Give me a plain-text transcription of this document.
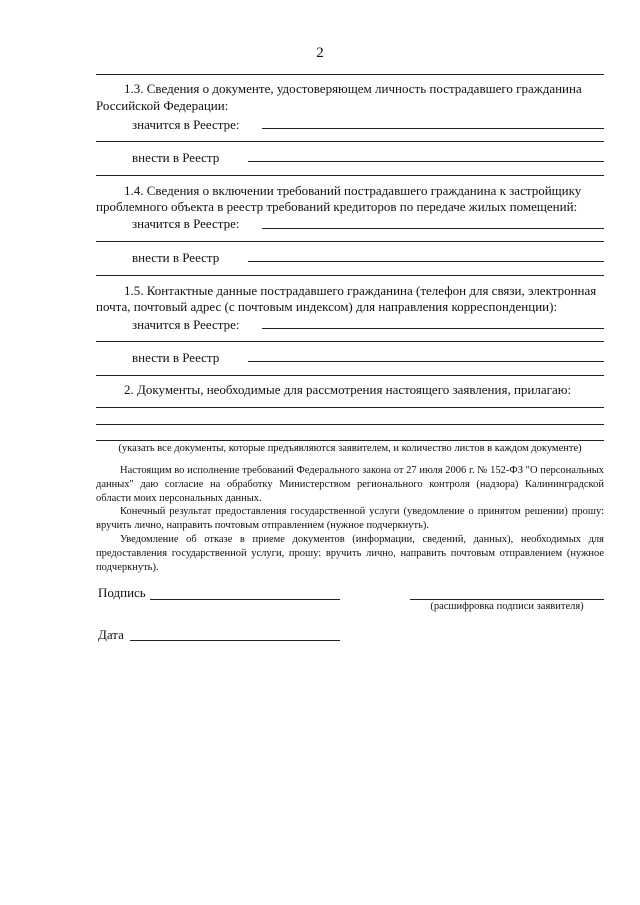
2
1.3. Сведения о документе, удостоверяющем личность пострадавшего гражданина
Российской Федерации:
значится в Реестре:
внести в Реестр
1.4. Сведения о включении требований пострадавшего гражданина к застройщику
проблемного объекта в реестр требований кредиторов по передаче жилых помещений:
значится в Реестре:
внести в Реестр
1.5. Контактные данные пострадавшего гражданина (телефон для связи, электронная
почта, почтовый адрес (с почтовым индексом) для направления корреспонденции):
значится в Реестре:
внести в Реестр
2. Документы, необходимые для рассмотрения настоящего заявления, прилагаю:
(указать все документы, которые предъявляются заявителем, и количество листов в каждом документе)
Настоящим во исполнение требований Федерального закона от 27 июля 2006 г. № 152-ФЗ "О персональных данных" даю согласие на обработку Министерством регионального контроля (надзора) Калининградской области моих персональных данных.
Конечный результат предоставления государственной услуги (уведомление о принятом решении) прошу: вручить лично, направить почтовым отправлением (нужное подчеркнуть).
Уведомление об отказе в приеме документов (информации, сведений, данных), необходимых для предоставления государственной услуги, прошу: вручить лично, направить почтовым отправлением (нужное подчеркнуть).
Подпись
(расшифровка подписи заявителя)
Дата
